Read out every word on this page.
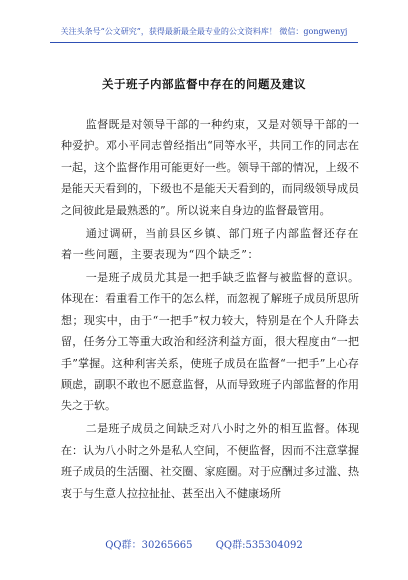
关注头条号“公文研究”，获得最新最全最专业的公文资料库！ 微信：gongwenyj
关于班子内部监督中存在的问题及建议

监督既是对领导干部的一种约束，又是对领导干部的一种爱护。邓小平同志曾经指出“同等水平，共同工作的同志在一起，这个监督作用可能更好一些。领导干部的情况，上级不是能天天看到的，下级也不是能天天看到的，而同级领导成员之间彼此是最熟悉的”。所以说来自身边的监督最管用。

通过调研，当前县区乡镇、部门班子内部监督还存在着一些问题，主要表现为“四个缺乏”：

一是班子成员尤其是一把手缺乏监督与被监督的意识。体现在：看重看工作干的怎么样，而忽视了解班子成员所思所想；现实中，由于“一把手”权力较大，特别是在个人升降去留，任务分工等重大政治和经济利益方面，很大程度由“一把手”掌握。这种利害关系，使班子成员在监督“一把手”上心存顾虑，副职不敢也不愿意监督，从而导致班子内部监督的作用失之于软。

二是班子成员之间缺乏对八小时之外的相互监督。体现在：认为八小时之外是私人空间，不便监督，因而不注意掌握班子成员的生活圈、社交圈、家庭圈。对于应酬过多过滥、热衷于与生意人拉拉扯扯、甚至出入不健康场所

QQ群：30265665 QQ群:535304092
